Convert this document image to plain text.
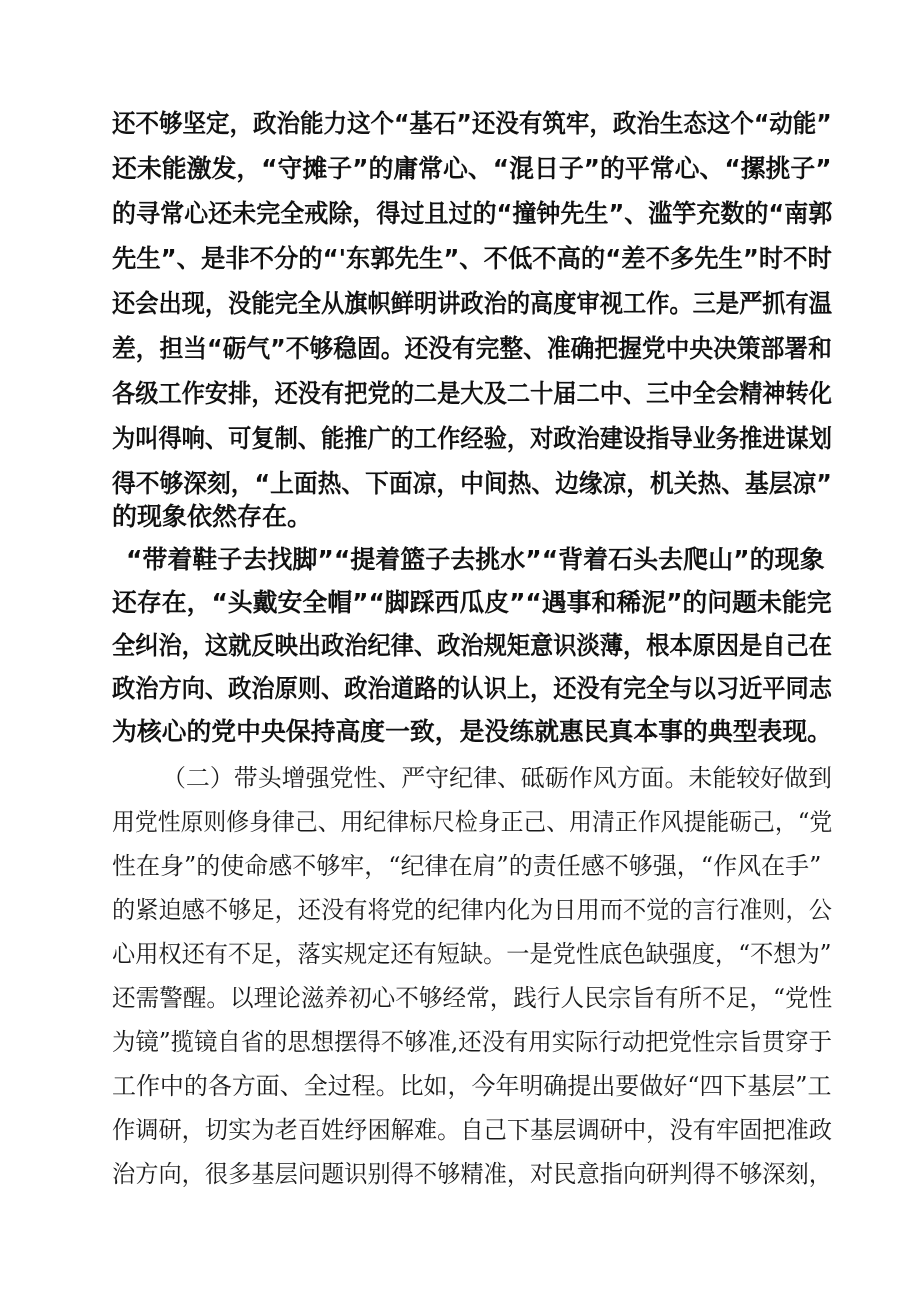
还不够坚定，政治能力这个“基石”还没有筑牢，政治生态这个“动能”
还未能激发，“守摊子”的庸常心、“混日子”的平常心、“摞挑子”
的寻常心还未完全戒除，得过且过的“撞钟先生”、滥竽充数的“南郭
先生”、是非不分的“'东郭先生”、不低不高的“差不多先生”时不时
还会出现，没能完全从旗帜鲜明讲政治的高度审视工作。三是严抓有温
差，担当“砺气”不够稳固。还没有完整、准确把握党中央决策部署和
各级工作安排，还没有把党的二是大及二十届二中、三中全会精神转化
为叫得响、可复制、能推广的工作经验，对政治建设指导业务推进谋划
得不够深刻，“上面热、下面凉，中间热、边缘凉，机关热、基层凉”
的现象依然存在。
“带着鞋子去找脚”“提着篮子去挑水”“背着石头去爬山”的现象
还存在，“头戴安全帽”“脚踩西瓜皮”“遇事和稀泥”的问题未能完
全纠治，这就反映出政治纪律、政治规矩意识淡薄，根本原因是自己在
政治方向、政治原则、政治道路的认识上，还没有完全与以习近平同志
为核心的党中央保持高度一致，是没练就惠民真本事的典型表现。
（二）带头增强党性、严守纪律、砥砺作风方面。未能较好做到
用党性原则修身律己、用纪律标尺检身正己、用清正作风提能砺己，“党
性在身”的使命感不够牢，“纪律在肩”的责任感不够强，“作风在手”
的紧迫感不够足，还没有将党的纪律内化为日用而不觉的言行准则，公
心用权还有不足，落实规定还有短缺。一是党性底色缺强度，“不想为”
还需警醒。以理论滋养初心不够经常，践行人民宗旨有所不足，“党性
为镜”揽镜自省的思想摆得不够准,还没有用实际行动把党性宗旨贯穿于
工作中的各方面、全过程。比如，今年明确提出要做好“四下基层”工
作调研，切实为老百姓纾困解难。自己下基层调研中，没有牢固把准政
治方向，很多基层问题识别得不够精准，对民意指向研判得不够深刻，
